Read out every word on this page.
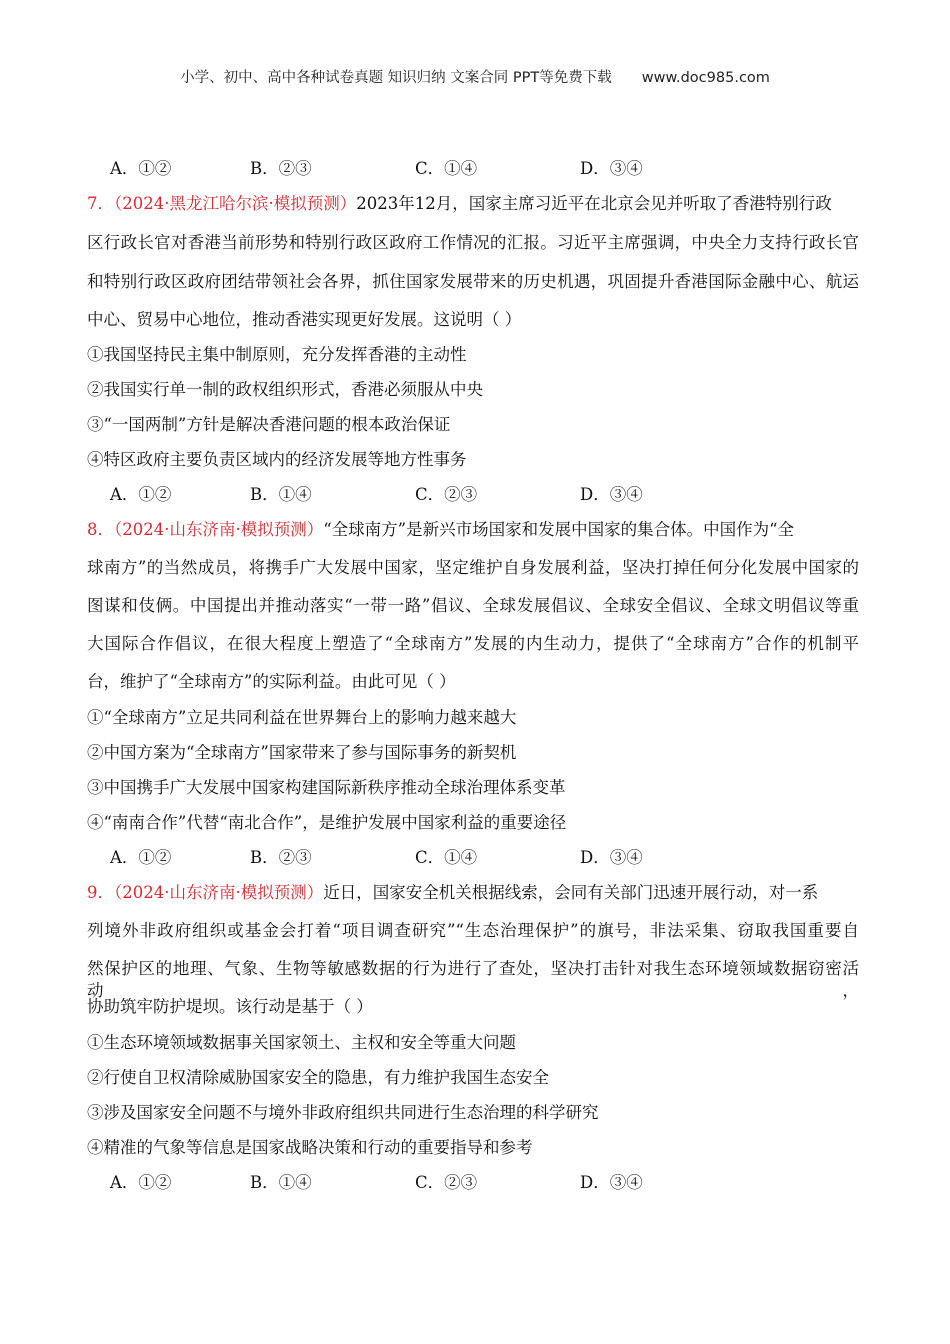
小学、初中、高中各种试卷真题 知识归纳 文案合同 PPT等免费下载 www.doc985.com
A．①②	B．②③	C．①④	D．③④
7．（2024·黑龙江哈尔滨·模拟预测）2023年12月，国家主席习近平在北京会见并听取了香港特别行政
区行政长官对香港当前形势和特别行政区政府工作情况的汇报。习近平主席强调，中央全力支持行政长官
和特别行政区政府团结带领社会各界，抓住国家发展带来的历史机遇，巩固提升香港国际金融中心、航运
中心、贸易中心地位，推动香港实现更好发展。这说明（ ）
①我国坚持民主集中制原则，充分发挥香港的主动性
②我国实行单一制的政权组织形式，香港必须服从中央
③“一国两制”方针是解决香港问题的根本政治保证
④特区政府主要负责区域内的经济发展等地方性事务
A．①②	B．①④	C．②③	D．③④
8．（2024·山东济南·模拟预测）“全球南方”是新兴市场国家和发展中国家的集合体。中国作为“全
球南方”的当然成员，将携手广大发展中国家，坚定维护自身发展利益，坚决打掉任何分化发展中国家的
图谋和伎俩。中国提出并推动落实“一带一路”倡议、全球发展倡议、全球安全倡议、全球文明倡议等重
大国际合作倡议，在很大程度上塑造了“全球南方”发展的内生动力，提供了“全球南方”合作的机制平
台，维护了“全球南方”的实际利益。由此可见（ ）
①“全球南方”立足共同利益在世界舞台上的影响力越来越大
②中国方案为“全球南方”国家带来了参与国际事务的新契机
③中国携手广大发展中国家构建国际新秩序推动全球治理体系变革
④“南南合作”代替“南北合作”，是维护发展中国家利益的重要途径
A．①②	B．②③	C．①④	D．③④
9．（2024·山东济南·模拟预测）近日，国家安全机关根据线索，会同有关部门迅速开展行动，对一系
列境外非政府组织或基金会打着“项目调查研究”“生态治理保护”的旗号，非法采集、窃取我国重要自
然保护区的地理、气象、生物等敏感数据的行为进行了查处，坚决打击针对我生态环境领域数据窃密活动，
协助筑牢防护堤坝。该行动是基于（ ）
①生态环境领域数据事关国家领土、主权和安全等重大问题
②行使自卫权清除威胁国家安全的隐患，有力维护我国生态安全
③涉及国家安全问题不与境外非政府组织共同进行生态治理的科学研究
④精准的气象等信息是国家战略决策和行动的重要指导和参考
A．①②	B．①④	C．②③	D．③④
